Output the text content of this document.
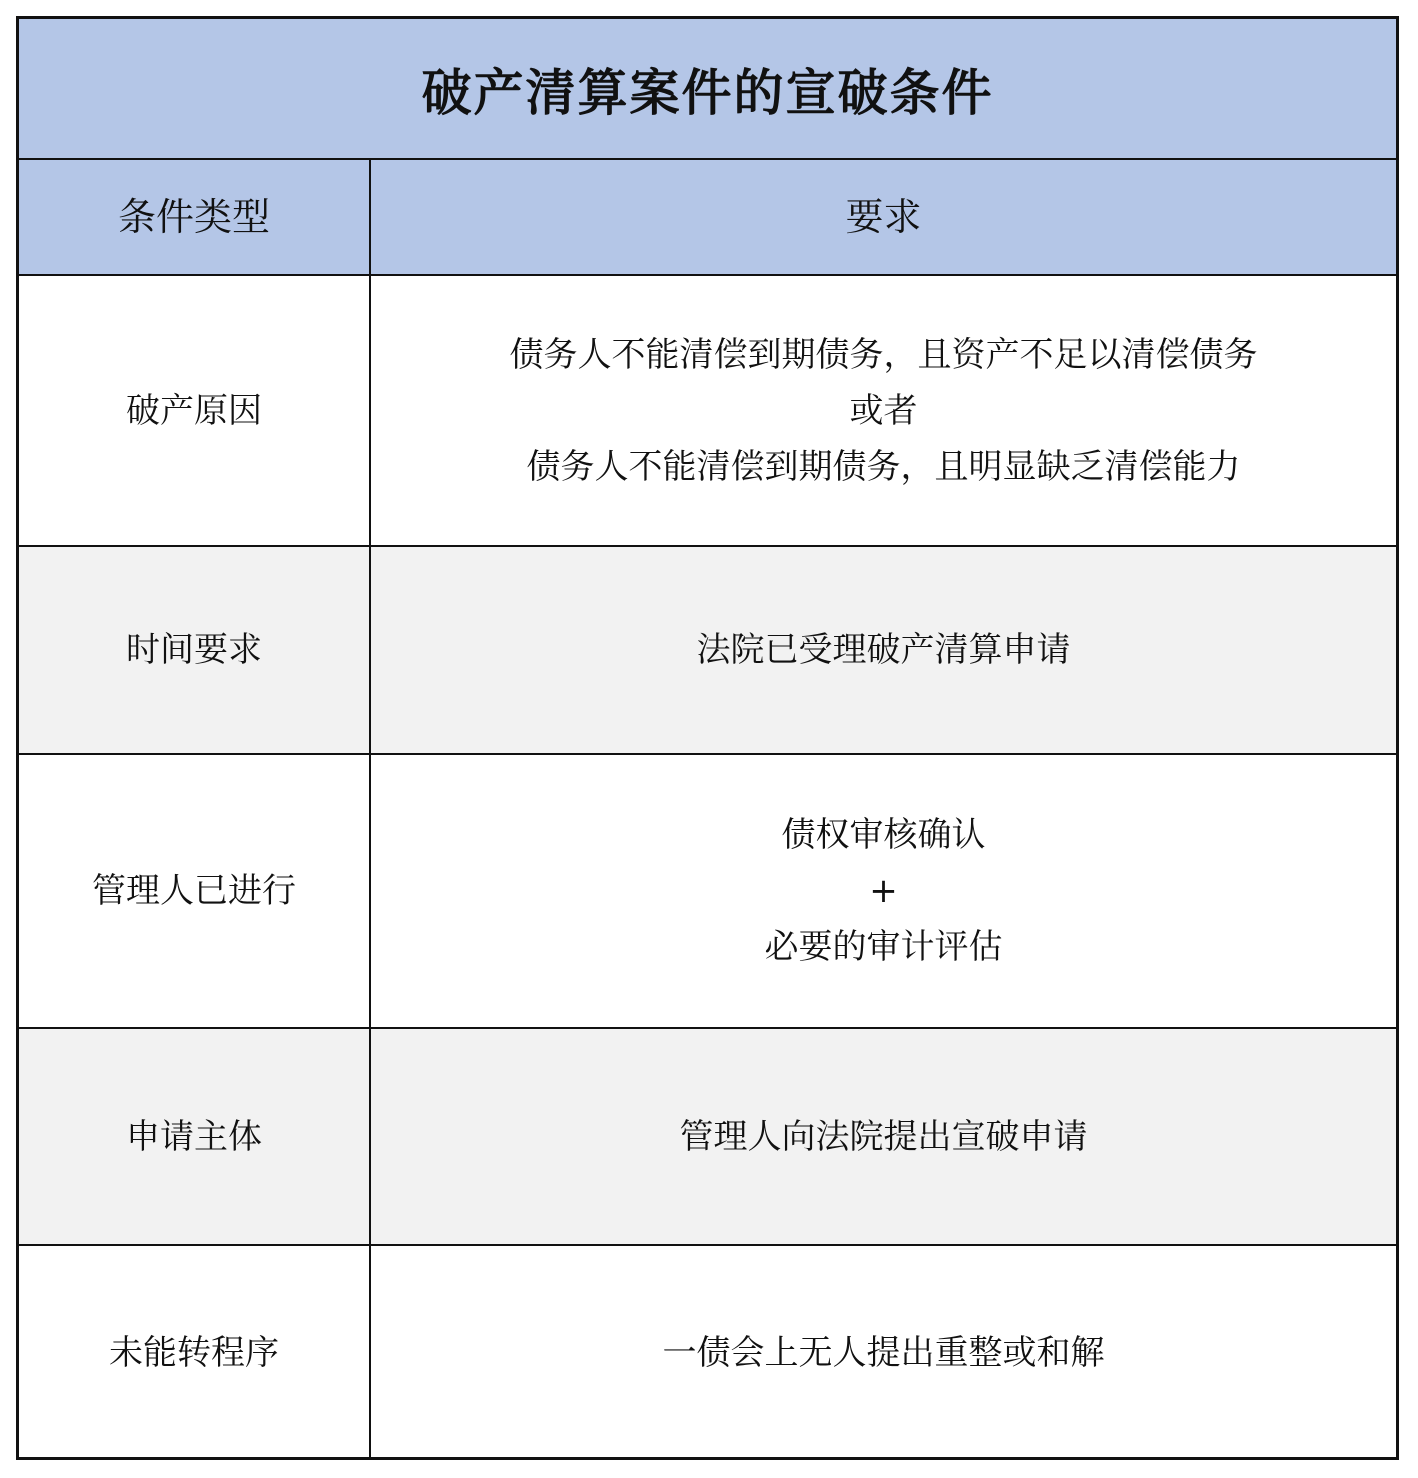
破产清算案件的宣破条件
条件类型	要求
破产原因	债务人不能清偿到期债务，且资产不足以清偿债务
或者
债务人不能清偿到期债务，且明显缺乏清偿能力

时间要求	法院已受理破产清算申请

管理人已进行	债权审核确认
+
必要的审计评估

申请主体	管理人向法院提出宣破申请

未能转程序	一债会上无人提出重整或和解
